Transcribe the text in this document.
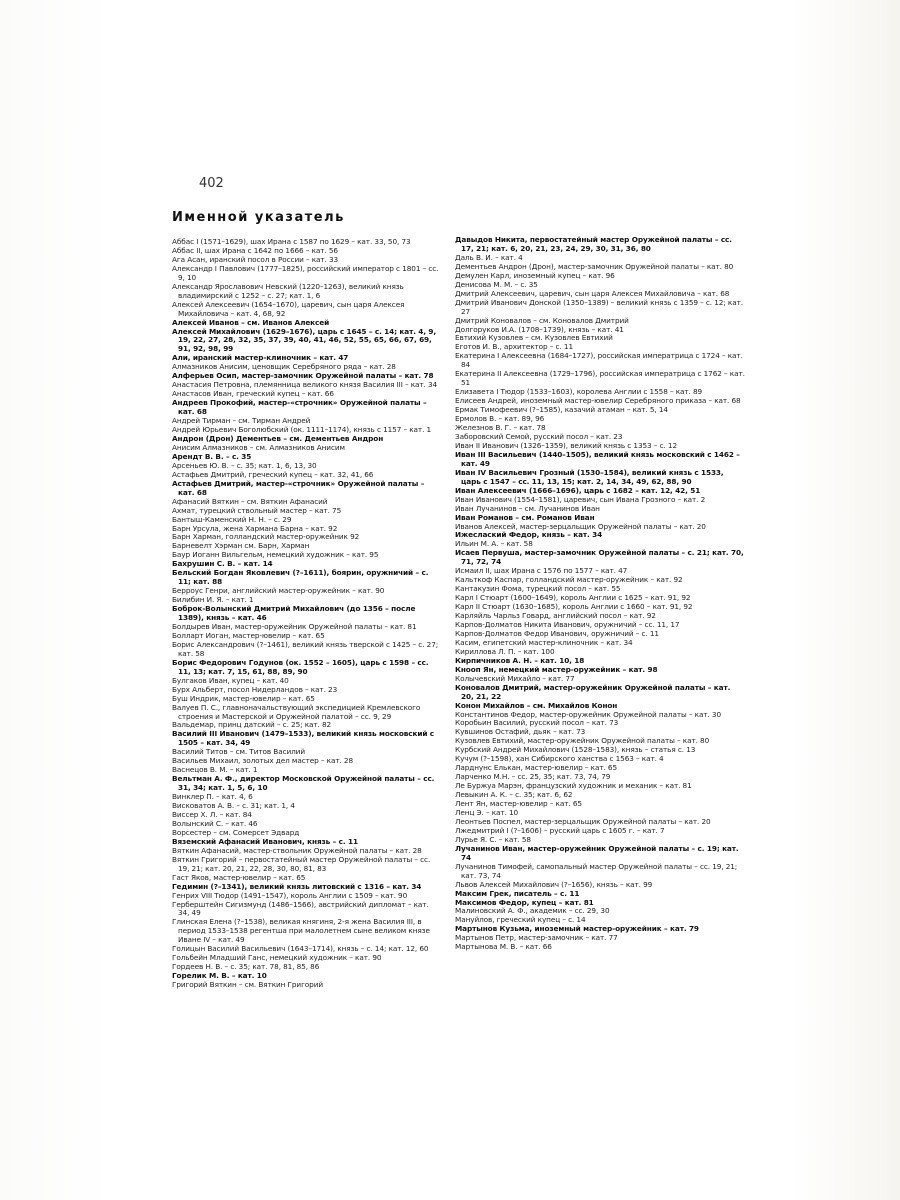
402
Именной указатель
Аббас I (1571–1629), шах Ирана с 1587 по 1629 – кат. 33, 50, 73
Аббас II, шах Ирана с 1642 по 1666 – кат. 56
Ага Асан, иранский посол в России – кат. 33
Александр I Павлович (1777–1825), российский император с 1801 – сс. 9, 10
Александр Ярославович Невский (1220–1263), великий князь владимирский с 1252 – с. 27; кат. 1, 6
Алексей Алексеевич (1654–1670), царевич, сын царя Алексея Михайловича – кат. 4, 68, 92
Алексей Иванов – см. Иванов Алексей
Алексей Михайлович (1629–1676), царь с 1645 – с. 14; кат. 4, 9, 19, 22, 27, 28, 32, 35, 37, 39, 40, 41, 46, 52, 55, 65, 66, 67, 69, 91, 92, 98, 99
Али, иранский мастер-клиночник – кат. 47
Алмазников Анисим, ценовщик Серебряного ряда – кат. 28
Алферьев Осип, мастер-замочник Оружейной палаты – кат. 78
Анастасия Петровна, племянница великого князя Василия III – кат. 34
Анастасов Иван, греческий купец – кат. 66
Андреев Прокофий, мастер-«строчник» Оружейной палаты – кат. 68
Андрей Тирман – см. Тирман Андрей
Андрей Юрьевич Боголюбский (ок. 1111–1174), князь с 1157 – кат. 1
Андрон (Дрон) Дементьев – см. Дементьев Андрон
Анисим Алмазников – см. Алмазников Анисим
Арендт В. В. – с. 35
Арсеньев Ю. В. – с. 35; кат. 1, 6, 13, 30
Астафьев Дмитрий, греческий купец – кат. 32, 41, 66
Астафьев Дмитрий, мастер-«строчник» Оружейной палаты – кат. 68
Афанасий Вяткин – см. Вяткин Афанасий
Ахмат, турецкий ствольный мастер – кат. 75
Бантыш-Каменский Н. Н. – с. 29
Барн Урсула, жена Хармана Барна – кат. 92
Барн Харман, голландский мастер-оружейник 92
Барневелт Хэрман см. Барн, Харман
Баур Иоганн Вильгельм, немецкий художник – кат. 95
Бахрушин С. В. – кат. 14
Бельский Богдан Яковлевич (?–1611), боярин, оружничий – с. 11; кат. 88
Берроус Генри, английский мастер-оружейник – кат. 90
Билибин И. Я. – кат. 1
Боброк-Волынский Дмитрий Михайлович (до 1356 – после 1389), князь – кат. 46
Болдырев Иван, мастер-оружейник Оружейной палаты – кат. 81
Болларт Иоган, мастер-ювелир – кат. 65
Борис Александрович (?–1461), великий князь тверской с 1425 – с. 27; кат. 58
Борис Федорович Годунов (ок. 1552 – 1605), царь с 1598 – сс. 11, 13; кат. 7, 15, 61, 88, 89, 90
Булгаков Иван, купец – кат. 40
Бурх Альберт, посол Нидерландов – кат. 23
Буш Индрик, мастер-ювелир – кат. 65
Валуев П. С., главноначальствующий экспедицией Кремлевского строения и Мастерской и Оружейной палатой – сс. 9, 29
Вальдемар, принц датский – с. 25; кат. 82
Василий III Иванович (1479–1533), великий князь московский с 1505 – кат. 34, 49
Василий Титов – см. Титов Василий
Васильев Михаил, золотых дел мастер – кат. 28
Васнецов В. М. – кат. 1
Вельтман А. Ф., директор Московской Оружейной палаты – сс. 31, 34; кат. 1, 5, 6, 10
Винклер П. – кат. 4, 6
Висковатов А. В. – с. 31; кат. 1, 4
Виссер Х. Л. – кат. 84
Волынский С. – кат. 46
Ворсестер – см. Сомерсет Эдвард
Вяземский Афанасий Иванович, князь – с. 11
Вяткин Афанасий, мастер-ствольник Оружейной палаты – кат. 28
Вяткин Григорий – первостатейный мастер Оружейной палаты – сс. 19, 21; кат. 20, 21, 22, 28, 30, 80, 81, 83
Гаст Яков, мастер-ювелир – кат. 65
Гедимин (?–1341), великий князь литовский с 1316 – кат. 34
Генрих VIII Тюдор (1491–1547), король Англии с 1509 – кат. 90
Герберштейн Сигизмунд (1486–1566), австрийский дипломат – кат. 34, 49
Глинская Елена (?–1538), великая княгиня, 2-я жена Василия III, в период 1533–1538 регентша при малолетнем сыне великом князе Иване IV – кат. 49
Голицын Василий Васильевич (1643–1714), князь – с. 14; кат. 12, 60
Гольбейн Младший Ганс, немецкий художник – кат. 90
Гордеев Н. В. – с. 35; кат. 78, 81, 85, 86
Горелик М. В. – кат. 10
Григорий Вяткин – см. Вяткин Григорий
Давыдов Никита, первостатейный мастер Оружейной палаты – сс. 17, 21; кат. 6, 20, 21, 23, 24, 29, 30, 31, 36, 80
Даль В. И. – кат. 4
Дементьев Андрон (Дрон), мастер-замочник Оружейной палаты – кат. 80
Демулен Карл, иноземный купец – кат. 96
Денисова М. М. – с. 35
Дмитрий Алексеевич, царевич, сын царя Алексея Михайловича – кат. 68
Дмитрий Иванович Донской (1350–1389) – великий князь с 1359 – с. 12; кат. 27
Дмитрий Коновалов – см. Коновалов Дмитрий
Долгоруков И.А. (1708–1739), князь – кат. 41
Евтихий Кузовлев – см. Кузовлев Евтихий
Еготов И. В., архитектор – с. 11
Екатерина I Алексеевна (1684–1727), российская императрица с 1724 – кат. 84
Екатерина II Алексеевна (1729–1796), российская императрица с 1762 – кат. 51
Елизавета I Тюдор (1533–1603), королева Англии с 1558 – кат. 89
Елисеев Андрей, иноземный мастер-ювелир Серебряного приказа – кат. 68
Ермак Тимофеевич (?–1585), казачий атаман – кат. 5, 14
Ермолов В. – кат. 89, 96
Железнов В. Г. – кат. 78
Заборовский Семой, русский посол – кат. 23
Иван II Иванович (1326–1359), великий князь с 1353 – с. 12
Иван III Васильевич (1440–1505), великий князь московский с 1462 – кат. 49
Иван IV Васильевич Грозный (1530–1584), великий князь с 1533, царь с 1547 – сс. 11, 13, 15; кат. 2, 14, 34, 49, 62, 88, 90
Иван Алексеевич (1666–1696), царь с 1682 – кат. 12, 42, 51
Иван Иванович (1554–1581), царевич, сын Ивана Грозного – кат. 2
Иван Лучанинов – см. Лучанинов Иван
Иван Романов – см. Романов Иван
Иванов Алексей, мастер-зерцальщик Оружейной палаты – кат. 20
Ижеслаский Федор, князь – кат. 34
Ильин М. А. – кат. 58
Исаев Первуша, мастер-замочник Оружейной палаты – с. 21; кат. 70, 71, 72, 74
Исмаил II, шах Ирана с 1576 по 1577 – кат. 47
Кальткоф Каспар, голландский мастер-оружейник – кат. 92
Кантакузин Фома, турецкий посол – кат. 55
Карл I Стюарт (1600–1649), король Англии с 1625 – кат. 91, 92
Карл II Стюарт (1630–1685), король Англии с 1660 – кат. 91, 92
Карляйль Чарльз Говард, английский посол – кат. 92
Карпов-Долматов Никита Иванович, оружничий – сс. 11, 17
Карпов-Долматов Федор Иванович, оружничий – с. 11
Касим, египетский мастер-клиночник – кат. 34
Кириллова Л. П. – кат. 100
Кирпичников А. Н. – кат. 10, 18
Кнооп Ян, немецкий мастер-оружейник – кат. 98
Колычевский Михайло – кат. 77
Коновалов Дмитрий, мастер-оружейник Оружейной палаты – кат. 20, 21, 22
Конон Михайлов – см. Михайлов Конон
Константинов Федор, мастер-оружейник Оружейной палаты – кат. 30
Коробьин Василий, русский посол – кат. 73
Кувшинов Остафий, дьяк – кат. 73
Кузовлев Евтихий, мастер-оружейник Оружейной палаты – кат. 80
Курбский Андрей Михайлович (1528–1583), князь – статья с. 13
Кучум (?–1598), хан Сибирского ханства с 1563 – кат. 4
Ларднунс Елькан, мастер-ювелир – кат. 65
Ларченко М.Н. – сс. 25, 35; кат. 73, 74, 79
Ле Буржуа Марэн, французский художник и механик – кат. 81
Левыкин А. К. – с. 35; кат. 6, 62
Лент Ян, мастер-ювелир – кат. 65
Ленц Э. – кат. 10
Леонтьев Поспел, мастер-зерцальщик Оружейной палаты – кат. 20
Лжедмитрий I (?–1606) – русский царь с 1605 г. – кат. 7
Лурье Я. С. – кат. 58
Лучанинов Иван, мастер-оружейник Оружейной палаты – с. 19; кат. 74
Лучанинов Тимофей, самопальный мастер Оружейной палаты – сс. 19, 21; кат. 73, 74
Львов Алексей Михайлович (?–1656), князь – кат. 99
Максим Грек, писатель – с. 11
Максимов Федор, купец – кат. 81
Малиновский А. Ф., академик – сс. 29, 30
Мануйлов, греческий купец – с. 14
Мартынов Кузьма, иноземный мастер-оружейник – кат. 79
Мартынов Петр, мастер-замочник – кат. 77
Мартынова М. В. – кат. 66
